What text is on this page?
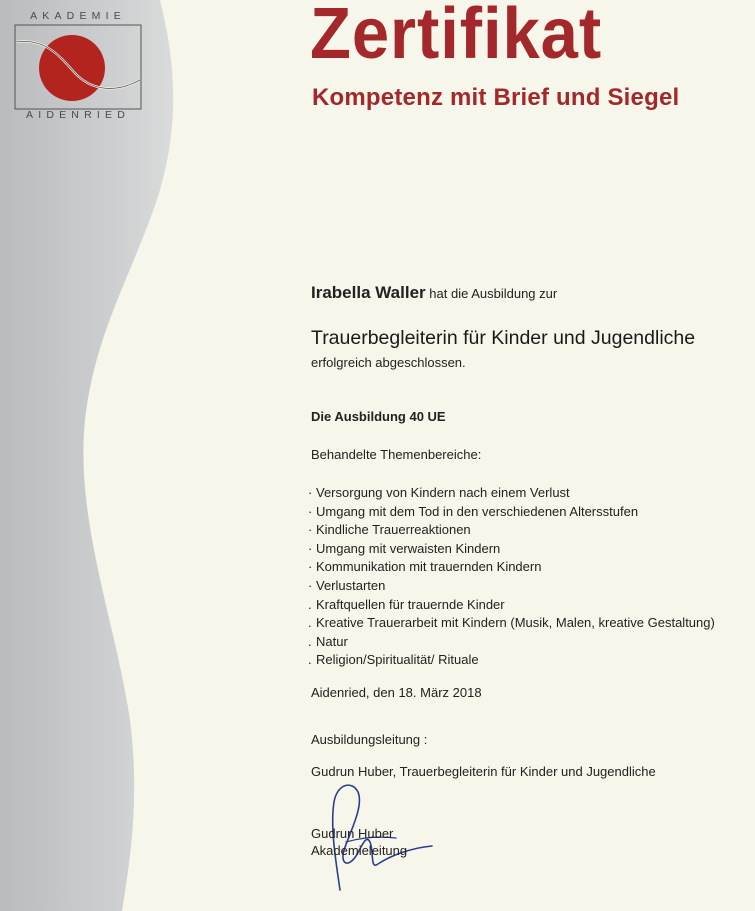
AKADEMIE
AIDENRIED
Zertifikat
Kompetenz mit Brief und Siegel
Irabella Waller hat die Ausbildung zur
Trauerbegleiterin für Kinder und Jugendliche
erfolgreich abgeschlossen.
Die Ausbildung 40 UE
Behandelte Themenbereiche:
· Versorgung von Kindern nach einem Verlust
· Umgang mit dem Tod in den verschiedenen Altersstufen
· Kindliche Trauerreaktionen
· Umgang mit verwaisten Kindern
· Kommunikation mit trauernden Kindern
· Verlustarten
. Kraftquellen für trauernde Kinder
. Kreative Trauerarbeit mit Kindern (Musik, Malen, kreative Gestaltung)
. Natur
. Religion/Spiritualität/ Rituale
Aidenried, den 18. März 2018
Ausbildungsleitung :
Gudrun Huber, Trauerbegleiterin für Kinder und Jugendliche
Gudrun Huber
Akademieleitung
